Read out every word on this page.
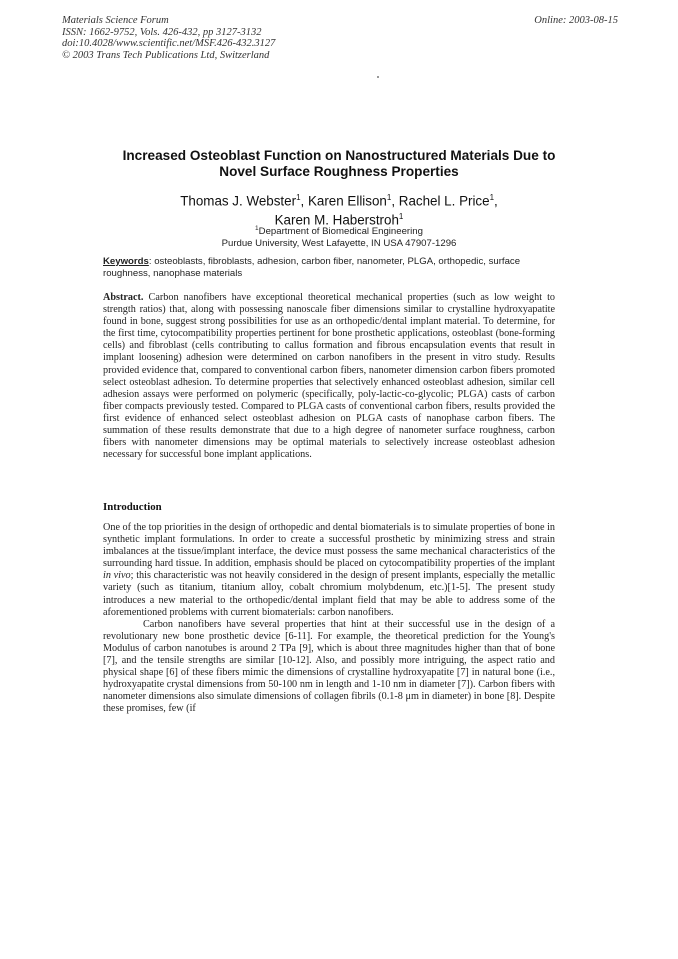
Materials Science Forum
ISSN: 1662-9752, Vols. 426-432, pp 3127-3132
doi:10.4028/www.scientific.net/MSF.426-432.3127
© 2003 Trans Tech Publications Ltd, Switzerland
Online: 2003-08-15
Increased Osteoblast Function on Nanostructured Materials Due to
Novel Surface Roughness Properties
Thomas J. Webster$^1$, Karen Ellison$^1$, Rachel L. Price$^1$,
Karen M. Haberstroh$^1$
$^1$Department of Biomedical Engineering
Purdue University, West Lafayette, IN USA 47907-1296
Keywords: osteoblasts, fibroblasts, adhesion, carbon fiber, nanometer, PLGA, orthopedic, surface roughness, nanophase materials
Abstract. Carbon nanofibers have exceptional theoretical mechanical properties (such as low weight to strength ratios) that, along with possessing nanoscale fiber dimensions similar to crystalline hydroxyapatite found in bone, suggest strong possibilities for use as an orthopedic/dental implant material. To determine, for the first time, cytocompatibility properties pertinent for bone prosthetic applications, osteoblast (bone-forming cells) and fibroblast (cells contributing to callus formation and fibrous encapsulation events that result in implant loosening) adhesion were determined on carbon nanofibers in the present in vitro study. Results provided evidence that, compared to conventional carbon fibers, nanometer dimension carbon fibers promoted select osteoblast adhesion. To determine properties that selectively enhanced osteoblast adhesion, similar cell adhesion assays were performed on polymeric (specifically, poly-lactic-co-glycolic; PLGA) casts of carbon fiber compacts previously tested. Compared to PLGA casts of conventional carbon fibers, results provided the first evidence of enhanced select osteoblast adhesion on PLGA casts of nanophase carbon fibers. The summation of these results demonstrate that due to a high degree of nanometer surface roughness, carbon fibers with nanometer dimensions may be optimal materials to selectively increase osteoblast adhesion necessary for successful bone implant applications.
Introduction

One of the top priorities in the design of orthopedic and dental biomaterials is to simulate properties of bone in synthetic implant formulations. In order to create a successful prosthetic by minimizing stress and strain imbalances at the tissue/implant interface, the device must possess the same mechanical characteristics of the surrounding hard tissue. In addition, emphasis should be placed on cytocompatibility properties of the implant in vivo; this characteristic was not heavily considered in the design of present implants, especially the metallic variety (such as titanium, titanium alloy, cobalt chromium molybdenum, etc.)[1-5]. The present study introduces a new material to the orthopedic/dental implant field that may be able to address some of the aforementioned problems with current biomaterials: carbon nanofibers.

Carbon nanofibers have several properties that hint at their successful use in the design of a revolutionary new bone prosthetic device [6-11]. For example, the theoretical prediction for the Young's Modulus of carbon nanotubes is around 2 TPa [9], which is about three magnitudes higher than that of bone [7], and the tensile strengths are similar [10-12]. Also, and possibly more intriguing, the aspect ratio and physical shape [6] of these fibers mimic the dimensions of crystalline hydroxyapatite [7] in natural bone (i.e., hydroxyapatite crystal dimensions from 50-100 nm in length and 1-10 nm in diameter [7]). Carbon fibers with nanometer dimensions also simulate dimensions of collagen fibrils (0.1-8 μm in diameter) in bone [8]. Despite these promises, few (if
